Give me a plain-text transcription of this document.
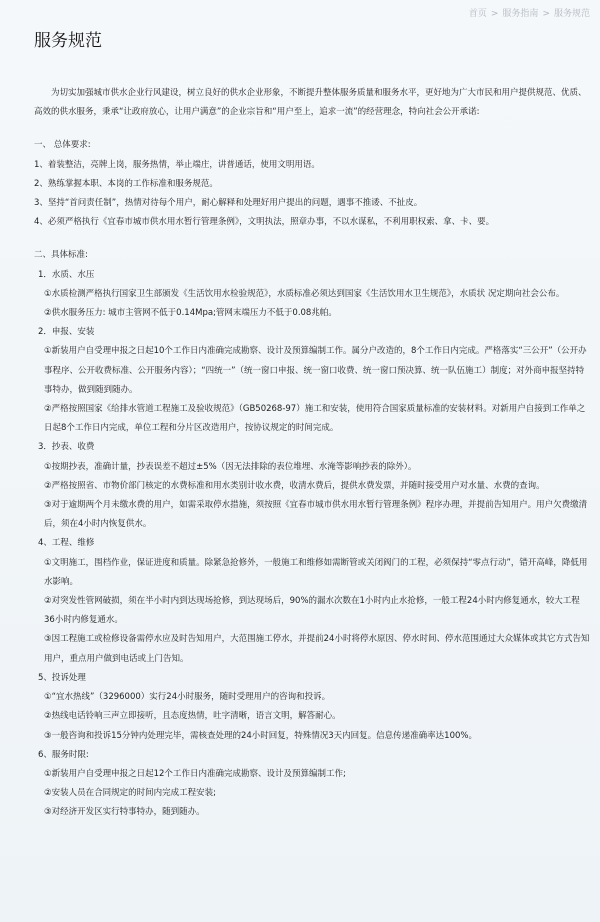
首页 > 服务指南 > 服务规范
服务规范

为切实加强城市供水企业行风建设，树立良好的供水企业形象，不断提升整体服务质量和服务水平，更好地为广大市民和用户提供规范、优质、高效的供水服务，秉承“让政府放心，让用户满意”的企业宗旨和“用户至上，追求一流”的经营理念，特向社会公开承诺:

一、 总体要求:

1、着装整洁，亮牌上岗，服务热情，举止端庄，讲普通话，使用文明用语。

2、熟练掌握本职、本岗的工作标准和服务规范。

3、坚持“首问责任制”，热情对待每个用户，耐心解释和处理好用户提出的问题，遇事不推诿、不扯皮。

4、必须严格执行《宜春市城市供水用水暂行管理条例》，文明执法，照章办事，不以水谋私，不利用职权索、拿、卡、要。

二、具体标准:

1．水质、水压

①水质检测严格执行国家卫生部颁发《生活饮用水检验规范》，水质标准必须达到国家《生活饮用水卫生规范》，水质状 况定期向社会公布。

②供水服务压力: 城市主管网不低于0.14Mpa;管网末端压力不低于0.08兆帕。

2．申报、安装

①新装用户自受理申报之日起10个工作日内准确完成勘察、设计及预算编制工作。属分户改造的，8个工作日内完成。严格落实“三公开”（公开办事程序、公开收费标准、公开服务内容）；“四统一”（统一窗口申报、统一窗口收费、统一窗口预决算、统一队伍施工）制度；对外商申报坚持特事特办，做到随到随办。

②严格按照国家《给排水管道工程施工及验收规范》（GB50268-97）施工和安装，使用符合国家质量标准的安装材料。对新用户自接到工作单之日起8个工作日内完成，单位工程和分片区改造用户，按协议规定的时间完成。

3．抄表、收费

①按期抄表，准确计量，抄表误差不超过±5%（因无法排除的表位堆埋、水淹等影响抄表的除外）。

②严格按照省、市物价部门核定的水费标准和用水类别计收水费，收清水费后，提供水费发票，并随时接受用户对水量、水费的查询。

③对于逾期两个月未缴水费的用户，如需采取停水措施，须按照《宜春市城市供水用水暂行管理条例》程序办理，并提前告知用户。用户欠费缴清后，须在4小时内恢复供水。

4、工程、维修

①文明施工，围档作业，保证进度和质量。除紧急抢修外，一般施工和维修如需断管或关闭阀门的工程，必须保持“零点行动”，错开高峰，降低用水影响。

②对突发性管网破损，须在半小时内到达现场抢修，到达现场后，90%的漏水次数在1小时内止水抢修，一般工程24小时内修复通水，较大工程36小时内修复通水。

③因工程施工或检修设备需停水应及时告知用户，大范围施工停水，并提前24小时将停水原因、停水时间、停水范围通过大众媒体或其它方式告知用户，重点用户做到电话或上门告知。

5、投诉处理

①“宜水热线”（3296000）实行24小时服务，随时受理用户的咨询和投诉。

②热线电话铃响三声立即接听，且态度热情，吐字清晰，语言文明，解答耐心。

③一般咨询和投诉15分钟内处理完毕，需核查处理的24小时回复，特殊情况3天内回复。信息传递准确率达100%。

6、服务时限:

①新装用户自受理申报之日起12个工作日内准确完成勘察、设计及预算编制工作;

②安装人员在合同规定的时间内完成工程安装;

③对经济开发区实行特事特办，随到随办。
